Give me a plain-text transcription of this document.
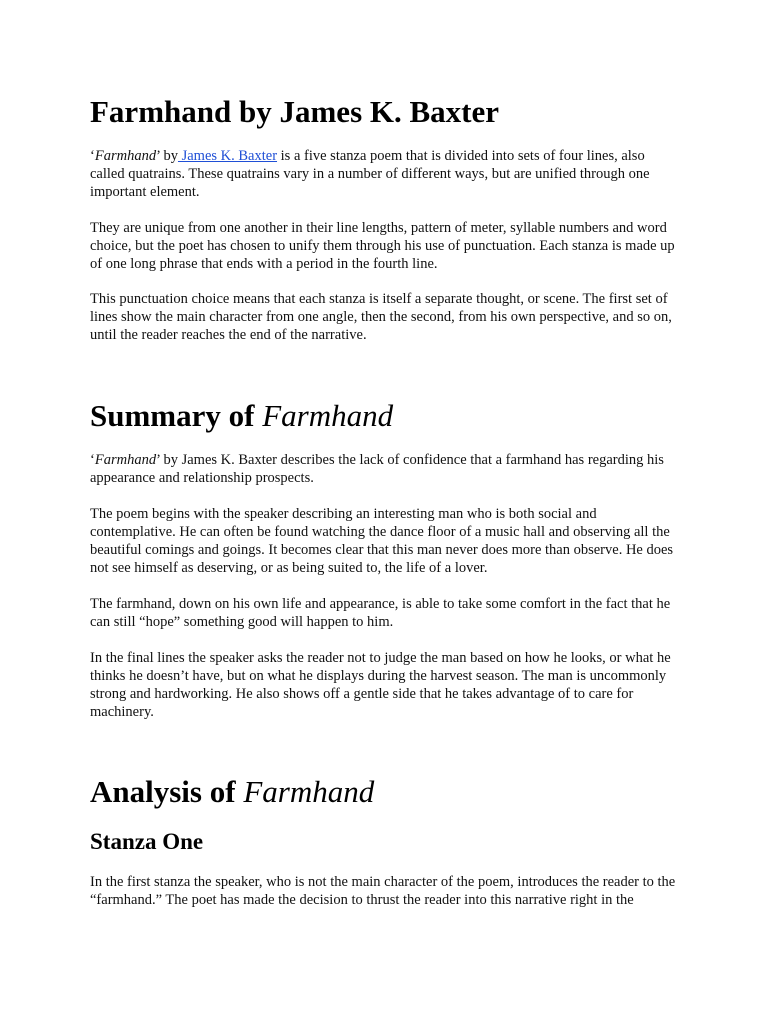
Farmhand by James K. Baxter

‘Farmhand’ by James K. Baxter is a five stanza poem that is divided into sets of four lines, also called quatrains. These quatrains vary in a number of different ways, but are unified through one important element.

They are unique from one another in their line lengths, pattern of meter, syllable numbers and word choice, but the poet has chosen to unify them through his use of punctuation. Each stanza is made up of one long phrase that ends with a period in the fourth line.

This punctuation choice means that each stanza is itself a separate thought, or scene. The first set of lines show the main character from one angle, then the second, from his own perspective, and so on, until the reader reaches the end of the narrative.

Summary of Farmhand

‘Farmhand’ by James K. Baxter describes the lack of confidence that a farmhand has regarding his appearance and relationship prospects.

The poem begins with the speaker describing an interesting man who is both social and contemplative. He can often be found watching the dance floor of a music hall and observing all the beautiful comings and goings. It becomes clear that this man never does more than observe. He does not see himself as deserving, or as being suited to, the life of a lover.

The farmhand, down on his own life and appearance, is able to take some comfort in the fact that he can still “hope” something good will happen to him.

In the final lines the speaker asks the reader not to judge the man based on how he looks, or what he thinks he doesn’t have, but on what he displays during the harvest season. The man is uncommonly strong and hardworking. He also shows off a gentle side that he takes advantage of to care for machinery.

Analysis of Farmhand
Stanza One

In the first stanza the speaker, who is not the main character of the poem, introduces the reader to the “farmhand.” The poet has made the decision to thrust the reader into this narrative right in the
